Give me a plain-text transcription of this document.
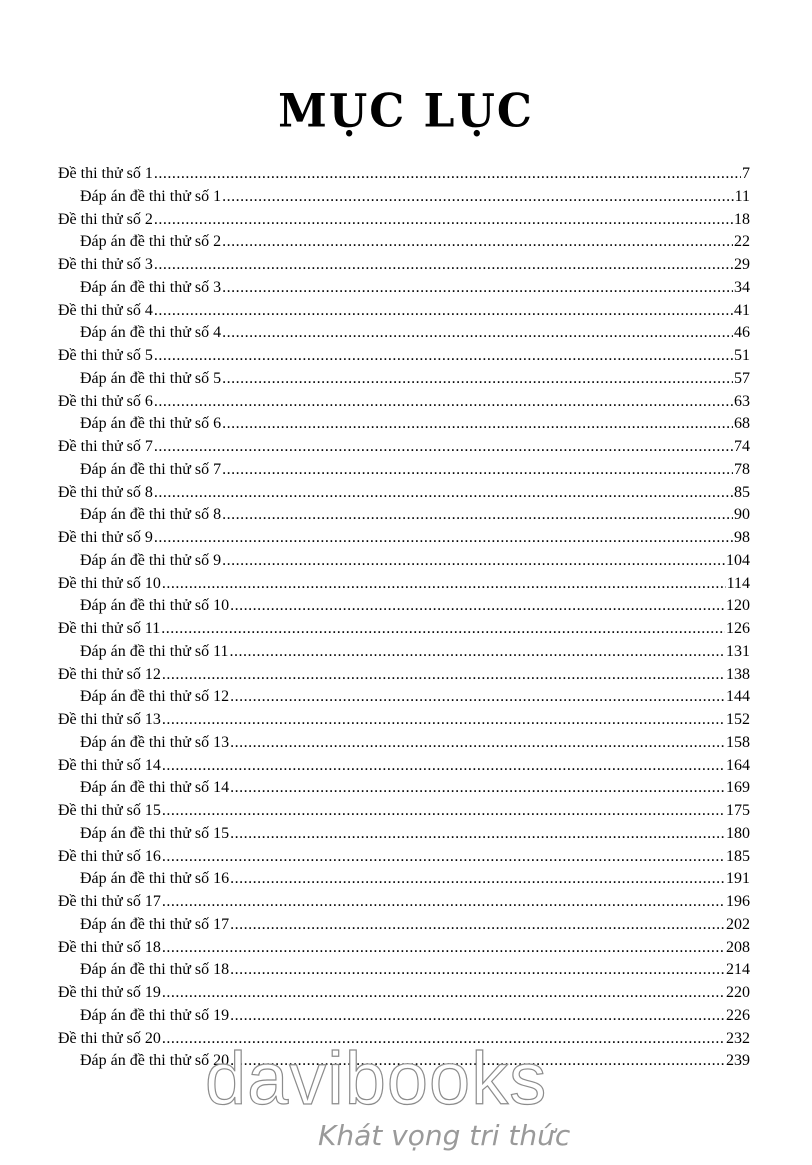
MỤC LỤC
Đề thi thử số 1 .....	7
Đáp án đề thi thử số 1 .....	11
Đề thi thử số 2 .....	18
Đáp án đề thi thử số 2 .....	22
Đề thi thử số 3 .....	29
Đáp án đề thi thử số 3 .....	34
Đề thi thử số 4 .....	41
Đáp án đề thi thử số 4 .....	46
Đề thi thử số 5 .....	51
Đáp án đề thi thử số 5 .....	57
Đề thi thử số 6 .....	63
Đáp án đề thi thử số 6 .....	68
Đề thi thử số 7 .....	74
Đáp án đề thi thử số 7 .....	78
Đề thi thử số 8 .....	85
Đáp án đề thi thử số 8 .....	90
Đề thi thử số 9 .....	98
Đáp án đề thi thử số 9 .....	104
Đề thi thử số 10 .....	114
Đáp án đề thi thử số 10 .....	120
Đề thi thử số 11 .....	126
Đáp án đề thi thử số 11 .....	131
Đề thi thử số 12 .....	138
Đáp án đề thi thử số 12 .....	144
Đề thi thử số 13 .....	152
Đáp án đề thi thử số 13 .....	158
Đề thi thử số 14 .....	164
Đáp án đề thi thử số 14 .....	169
Đề thi thử số 15 .....	175
Đáp án đề thi thử số 15 .....	180
Đề thi thử số 16 .....	185
Đáp án đề thi thử số 16 .....	191
Đề thi thử số 17 .....	196
Đáp án đề thi thử số 17 .....	202
Đề thi thử số 18 .....	208
Đáp án đề thi thử số 18 .....	214
Đề thi thử số 19 .....	220
Đáp án đề thi thử số 19 .....	226
Đề thi thử số 20 .....	232
Đáp án đề thi thử số 20 .....	239
davibooks
Khát vọng tri thức
